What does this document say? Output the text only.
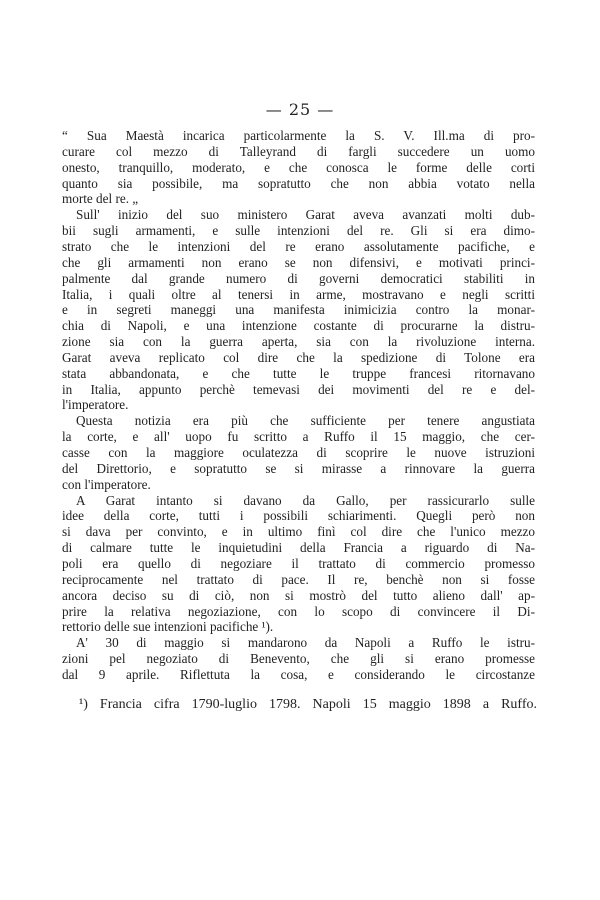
— 25 —
“ Sua Maestà incarica particolarmente la S. V. Ill.ma di pro-
curare col mezzo di Talleyrand di fargli succedere un uomo
onesto, tranquillo, moderato, e che conosca le forme delle corti
quanto sia possibile, ma sopratutto che non abbia votato nella
morte del re. „
Sull' inizio del suo ministero Garat aveva avanzati molti dub-
bii sugli armamenti, e sulle intenzioni del re. Gli si era dimo-
strato che le intenzioni del re erano assolutamente pacifiche, e
che gli armamenti non erano se non difensivi, e motivati princi-
palmente dal grande numero di governi democratici stabiliti in
Italia, i quali oltre al tenersi in arme, mostravano e negli scritti
e in segreti maneggi una manifesta inimicizia contro la monar-
chia di Napoli, e una intenzione costante di procurarne la distru-
zione sia con la guerra aperta, sia con la rivoluzione interna.
Garat aveva replicato col dire che la spedizione di Tolone era
stata abbandonata, e che tutte le truppe francesi ritornavano
in Italia, appunto perchè temevasi dei movimenti del re e del-
l'imperatore.
Questa notizia era più che sufficiente per tenere angustiata
la corte, e all' uopo fu scritto a Ruffo il 15 maggio, che cer-
casse con la maggiore oculatezza di scoprire le nuove istruzioni
del Direttorio, e sopratutto se si mirasse a rinnovare la guerra
con l'imperatore.
A Garat intanto si davano da Gallo, per rassicurarlo sulle
idee della corte, tutti i possibili schiarimenti. Quegli però non
si dava per convinto, e in ultimo finì col dire che l'unico mezzo
di calmare tutte le inquietudini della Francia a riguardo di Na-
poli era quello di negoziare il trattato di commercio promesso
reciprocamente nel trattato di pace. Il re, benchè non si fosse
ancora deciso su di ciò, non si mostrò del tutto alieno dall' ap-
prire la relativa negoziazione, con lo scopo di convincere il Di-
rettorio delle sue intenzioni pacifiche ¹).
A' 30 di maggio si mandarono da Napoli a Ruffo le istru-
zioni pel negoziato di Benevento, che gli si erano promesse
dal 9 aprile. Riflettuta la cosa, e considerando le circostanze
¹) Francia cifra 1790-luglio 1798. Napoli 15 maggio 1898 a Ruffo.
